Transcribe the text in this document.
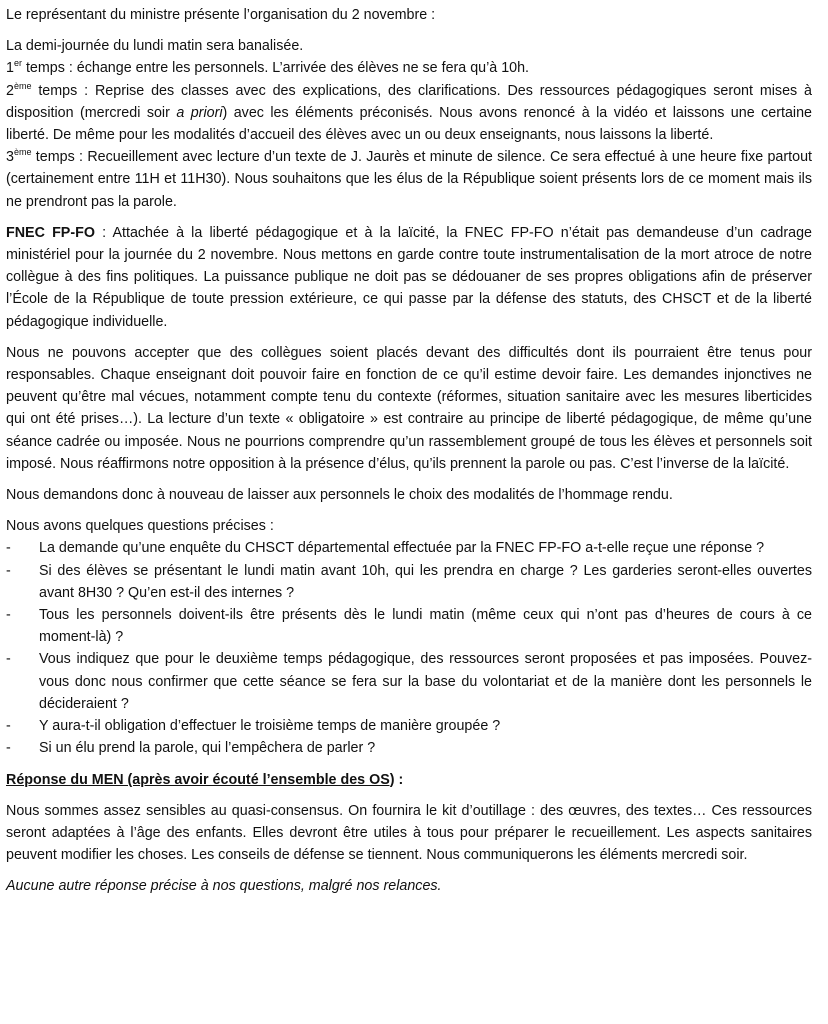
Le représentant du ministre présente l’organisation du 2 novembre :

La demi-journée du lundi matin sera banalisée.

1er temps : échange entre les personnels. L’arrivée des élèves ne se fera qu’à 10h.

2ème temps : Reprise des classes avec des explications, des clarifications. Des ressources pédagogiques seront mises à disposition (mercredi soir a priori) avec les éléments préconisés. Nous avons renoncé à la vidéo et laissons une certaine liberté. De même pour les modalités d’accueil des élèves avec un ou deux enseignants, nous laissons la liberté.

3ème temps : Recueillement avec lecture d’un texte de J. Jaurès et minute de silence. Ce sera effectué à une heure fixe partout (certainement entre 11H et 11H30). Nous souhaitons que les élus de la République soient présents lors de ce moment mais ils ne prendront pas la parole.

FNEC FP-FO : Attachée à la liberté pédagogique et à la laïcité, la FNEC FP-FO n’était pas demandeuse d’un cadrage ministériel pour la journée du 2 novembre. Nous mettons en garde contre toute instrumentalisation de la mort atroce de notre collègue à des fins politiques. La puissance publique ne doit pas se dédouaner de ses propres obligations afin de préserver l’École de la République de toute pression extérieure, ce qui passe par la défense des statuts, des CHSCT et de la liberté pédagogique individuelle.

Nous ne pouvons accepter que des collègues soient placés devant des difficultés dont ils pourraient être tenus pour responsables. Chaque enseignant doit pouvoir faire en fonction de ce qu’il estime devoir faire. Les demandes injonctives ne peuvent qu’être mal vécues, notamment compte tenu du contexte (réformes, situation sanitaire avec les mesures liberticides qui ont été prises…). La lecture d’un texte « obligatoire » est contraire au principe de liberté pédagogique, de même qu’une séance cadrée ou imposée. Nous ne pourrions comprendre qu’un rassemblement groupé de tous les élèves et personnels soit imposé. Nous réaffirmons notre opposition à la présence d’élus, qu’ils prennent la parole ou pas. C’est l’inverse de la laïcité.

Nous demandons donc à nouveau de laisser aux personnels le choix des modalités de l’hommage rendu.

Nous avons quelques questions précises :

- La demande qu’une enquête du CHSCT départemental effectuée par la FNEC FP-FO a-t-elle reçue une réponse ?
- Si des élèves se présentant le lundi matin avant 10h, qui les prendra en charge ? Les garderies seront-elles ouvertes avant 8H30 ? Qu’en est-il des internes ?
- Tous les personnels doivent-ils être présents dès le lundi matin (même ceux qui n’ont pas d’heures de cours à ce moment-là) ?
- Vous indiquez que pour le deuxième temps pédagogique, des ressources seront proposées et pas imposées. Pouvez-vous donc nous confirmer que cette séance se fera sur la base du volontariat et de la manière dont les personnels le décideraient ?
- Y aura-t-il obligation d’effectuer le troisième temps de manière groupée ?
- Si un élu prend la parole, qui l’empêchera de parler ?

Réponse du MEN (après avoir écouté l’ensemble des OS) :

Nous sommes assez sensibles au quasi-consensus. On fournira le kit d’outillage : des œuvres, des textes… Ces ressources seront adaptées à l’âge des enfants. Elles devront être utiles à tous pour préparer le recueillement. Les aspects sanitaires peuvent modifier les choses. Les conseils de défense se tiennent. Nous communiquerons les éléments mercredi soir.

Aucune autre réponse précise à nos questions, malgré nos relances.
